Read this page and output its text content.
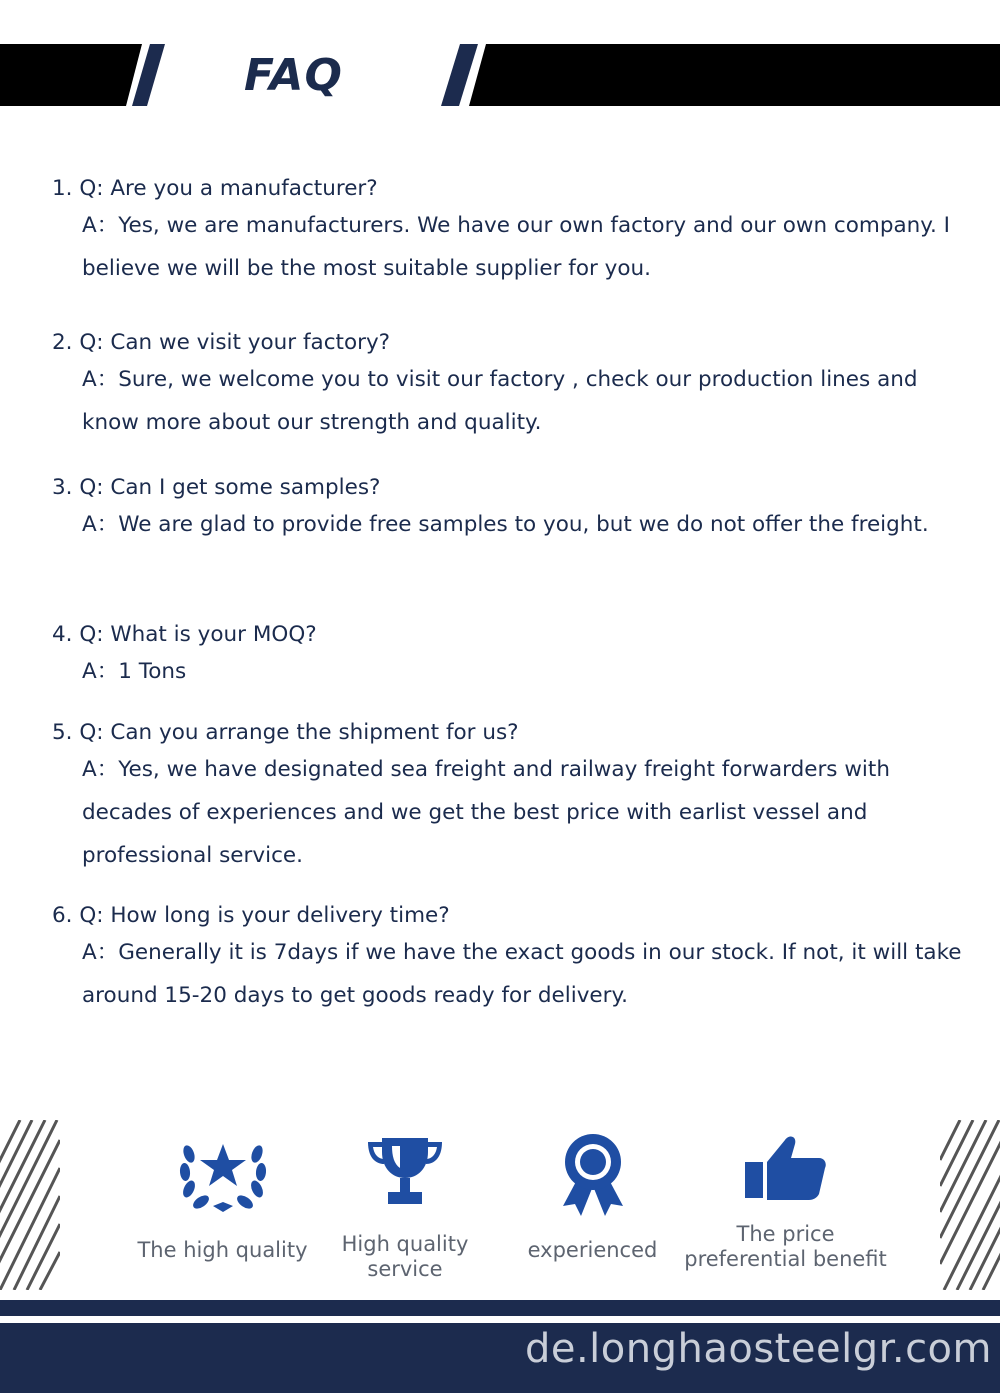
FAQ
1. Q: Are you a manufacturer?
A：Yes, we are manufacturers. We have our own factory and our own company. I believe we will be the most suitable supplier for you.
2. Q: Can we visit your factory?
A：Sure, we welcome you to visit our factory , check our production lines and know more about our strength and quality.
3. Q: Can I get some samples?
A：We are glad to provide free samples to you, but we do not offer the freight.
4. Q: What is your MOQ?
A：1 Tons
5. Q: Can you arrange the shipment for us?
A：Yes, we have designated sea freight and railway freight forwarders with decades of experiences and we get the best price with earlist vessel and professional service.
6. Q: How long is your delivery time?
A：Generally it is 7days if we have the exact goods in our stock. If not, it will take around 15-20 days to get goods ready for delivery.
The high quality	High quality
service
experienced
The price
preferential benefit
de.longhaosteelgr.com
